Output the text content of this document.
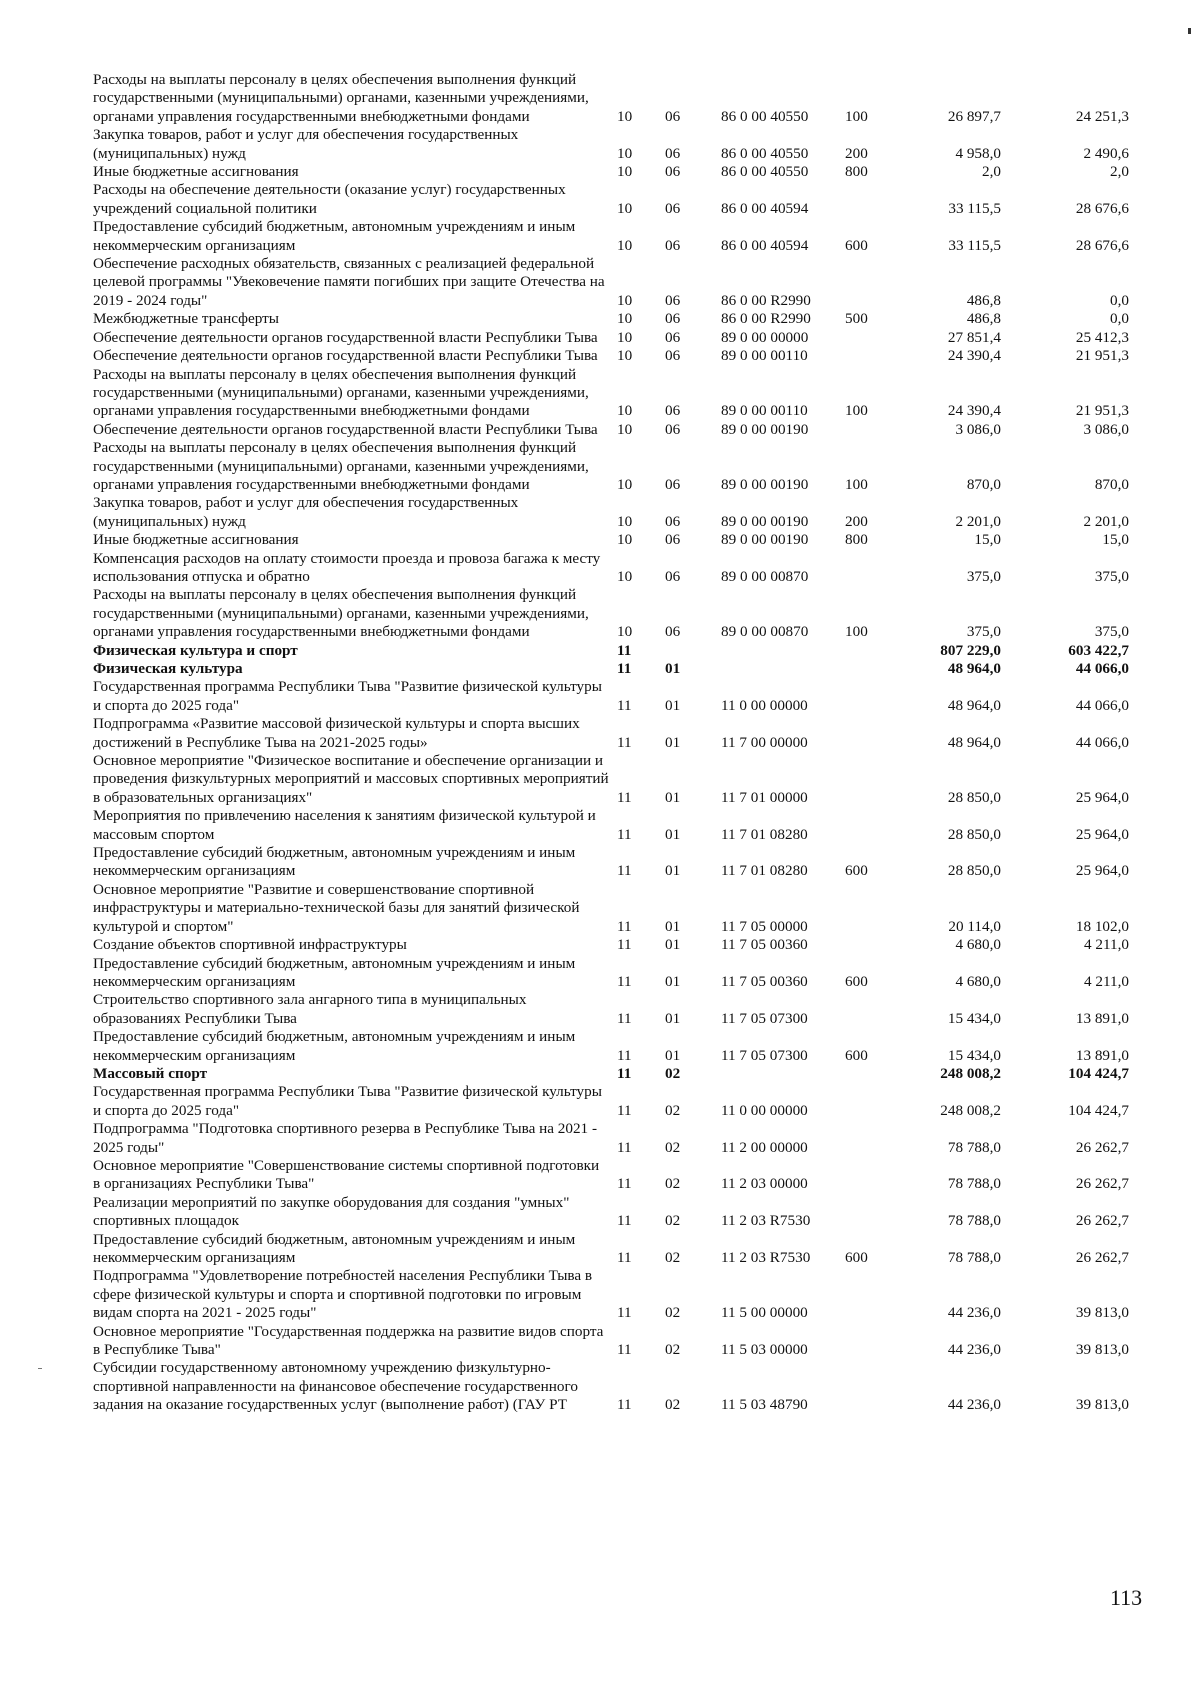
Расходы на выплаты персоналу в целях обеспечения выполнения функций государственными (муниципальными) органами, казенными учреждениями, органами управления государственными внебюджетными фондами	10	06	86 0 00 40550	100	26 897,7	24 251,3
Закупка товаров, работ и услуг для обеспечения государственных (муниципальных) нужд	10	06	86 0 00 40550	200	4 958,0	2 490,6
Иные бюджетные ассигнования	10	06	86 0 00 40550	800	2,0	2,0
Расходы на обеспечение деятельности (оказание услуг) государственных учреждений социальной политики	10	06	86 0 00 40594		33 115,5	28 676,6
Предоставление субсидий бюджетным, автономным учреждениям и иным некоммерческим организациям	10	06	86 0 00 40594	600	33 115,5	28 676,6
Обеспечение расходных обязательств, связанных с реализацией федеральной целевой программы "Увековечение памяти погибших при защите Отечества на 2019 - 2024 годы"	10	06	86 0 00 R2990		486,8	0,0
Межбюджетные трансферты	10	06	86 0 00 R2990	500	486,8	0,0
Обеспечение деятельности органов государственной власти Республики Тыва	10	06	89 0 00 00000		27 851,4	25 412,3
Обеспечение деятельности органов государственной власти Республики Тыва	10	06	89 0 00 00110		24 390,4	21 951,3
Расходы на выплаты персоналу в целях обеспечения выполнения функций государственными (муниципальными) органами, казенными учреждениями, органами управления государственными внебюджетными фондами	10	06	89 0 00 00110	100	24 390,4	21 951,3
Обеспечение деятельности органов государственной власти Республики Тыва	10	06	89 0 00 00190		3 086,0	3 086,0
Расходы на выплаты персоналу в целях обеспечения выполнения функций государственными (муниципальными) органами, казенными учреждениями, органами управления государственными внебюджетными фондами	10	06	89 0 00 00190	100	870,0	870,0
Закупка товаров, работ и услуг для обеспечения государственных (муниципальных) нужд	10	06	89 0 00 00190	200	2 201,0	2 201,0
Иные бюджетные ассигнования	10	06	89 0 00 00190	800	15,0	15,0
Компенсация расходов на оплату стоимости проезда и провоза багажа к месту использования отпуска и обратно	10	06	89 0 00 00870		375,0	375,0
Расходы на выплаты персоналу в целях обеспечения выполнения функций государственными (муниципальными) органами, казенными учреждениями, органами управления государственными внебюджетными фондами	10	06	89 0 00 00870	100	375,0	375,0
Физическая культура и спорт	11				807 229,0	603 422,7
Физическая культура	11	01			48 964,0	44 066,0
Государственная программа Республики Тыва "Развитие физической культуры и спорта до 2025 года"	11	01	11 0 00 00000		48 964,0	44 066,0
Подпрограмма «Развитие массовой физической культуры и спорта высших достижений в Республике Тыва на 2021-2025 годы»	11	01	11 7 00 00000		48 964,0	44 066,0
Основное мероприятие "Физическое воспитание и обеспечение организации и проведения физкультурных мероприятий и массовых спортивных мероприятий в образовательных организациях"	11	01	11 7 01 00000		28 850,0	25 964,0
Мероприятия по привлечению населения к занятиям физической культурой и массовым спортом	11	01	11 7 01 08280		28 850,0	25 964,0
Предоставление субсидий бюджетным, автономным учреждениям и иным некоммерческим организациям	11	01	11 7 01 08280	600	28 850,0	25 964,0
Основное мероприятие "Развитие и совершенствование спортивной инфраструктуры и материально-технической базы для занятий физической культурой и спортом"	11	01	11 7 05 00000		20 114,0	18 102,0
Создание объектов спортивной инфраструктуры	11	01	11 7 05 00360		4 680,0	4 211,0
Предоставление субсидий бюджетным, автономным учреждениям и иным некоммерческим организациям	11	01	11 7 05 00360	600	4 680,0	4 211,0
Строительство спортивного зала ангарного типа в муниципальных образованиях Республики Тыва	11	01	11 7 05 07300		15 434,0	13 891,0
Предоставление субсидий бюджетным, автономным учреждениям и иным некоммерческим организациям	11	01	11 7 05 07300	600	15 434,0	13 891,0
Массовый спорт	11	02			248 008,2	104 424,7
Государственная программа Республики Тыва "Развитие физической культуры и спорта до 2025 года"	11	02	11 0 00 00000		248 008,2	104 424,7
Подпрограмма "Подготовка спортивного резерва в Республике Тыва на 2021 - 2025 годы"	11	02	11 2 00 00000		78 788,0	26 262,7
Основное мероприятие "Совершенствование системы спортивной подготовки в организациях Республики Тыва"	11	02	11 2 03 00000		78 788,0	26 262,7
Реализации мероприятий по закупке оборудования для создания "умных" спортивных площадок	11	02	11 2 03 R7530		78 788,0	26 262,7
Предоставление субсидий бюджетным, автономным учреждениям и иным некоммерческим организациям	11	02	11 2 03 R7530	600	78 788,0	26 262,7
Подпрограмма "Удовлетворение потребностей населения Республики Тыва в сфере физической культуры и спорта и спортивной подготовки по игровым видам спорта на 2021 - 2025 годы"	11	02	11 5 00 00000		44 236,0	39 813,0
Основное мероприятие "Государственная поддержка на развитие видов спорта в Республике Тыва"	11	02	11 5 03 00000		44 236,0	39 813,0
Субсидии государственному автономному учреждению физкультурно-спортивной направленности на финансовое обеспечение государственного задания на оказание государственных услуг (выполнение работ) (ГАУ РТ	11	02	11 5 03 48790		44 236,0	39 813,0
113
